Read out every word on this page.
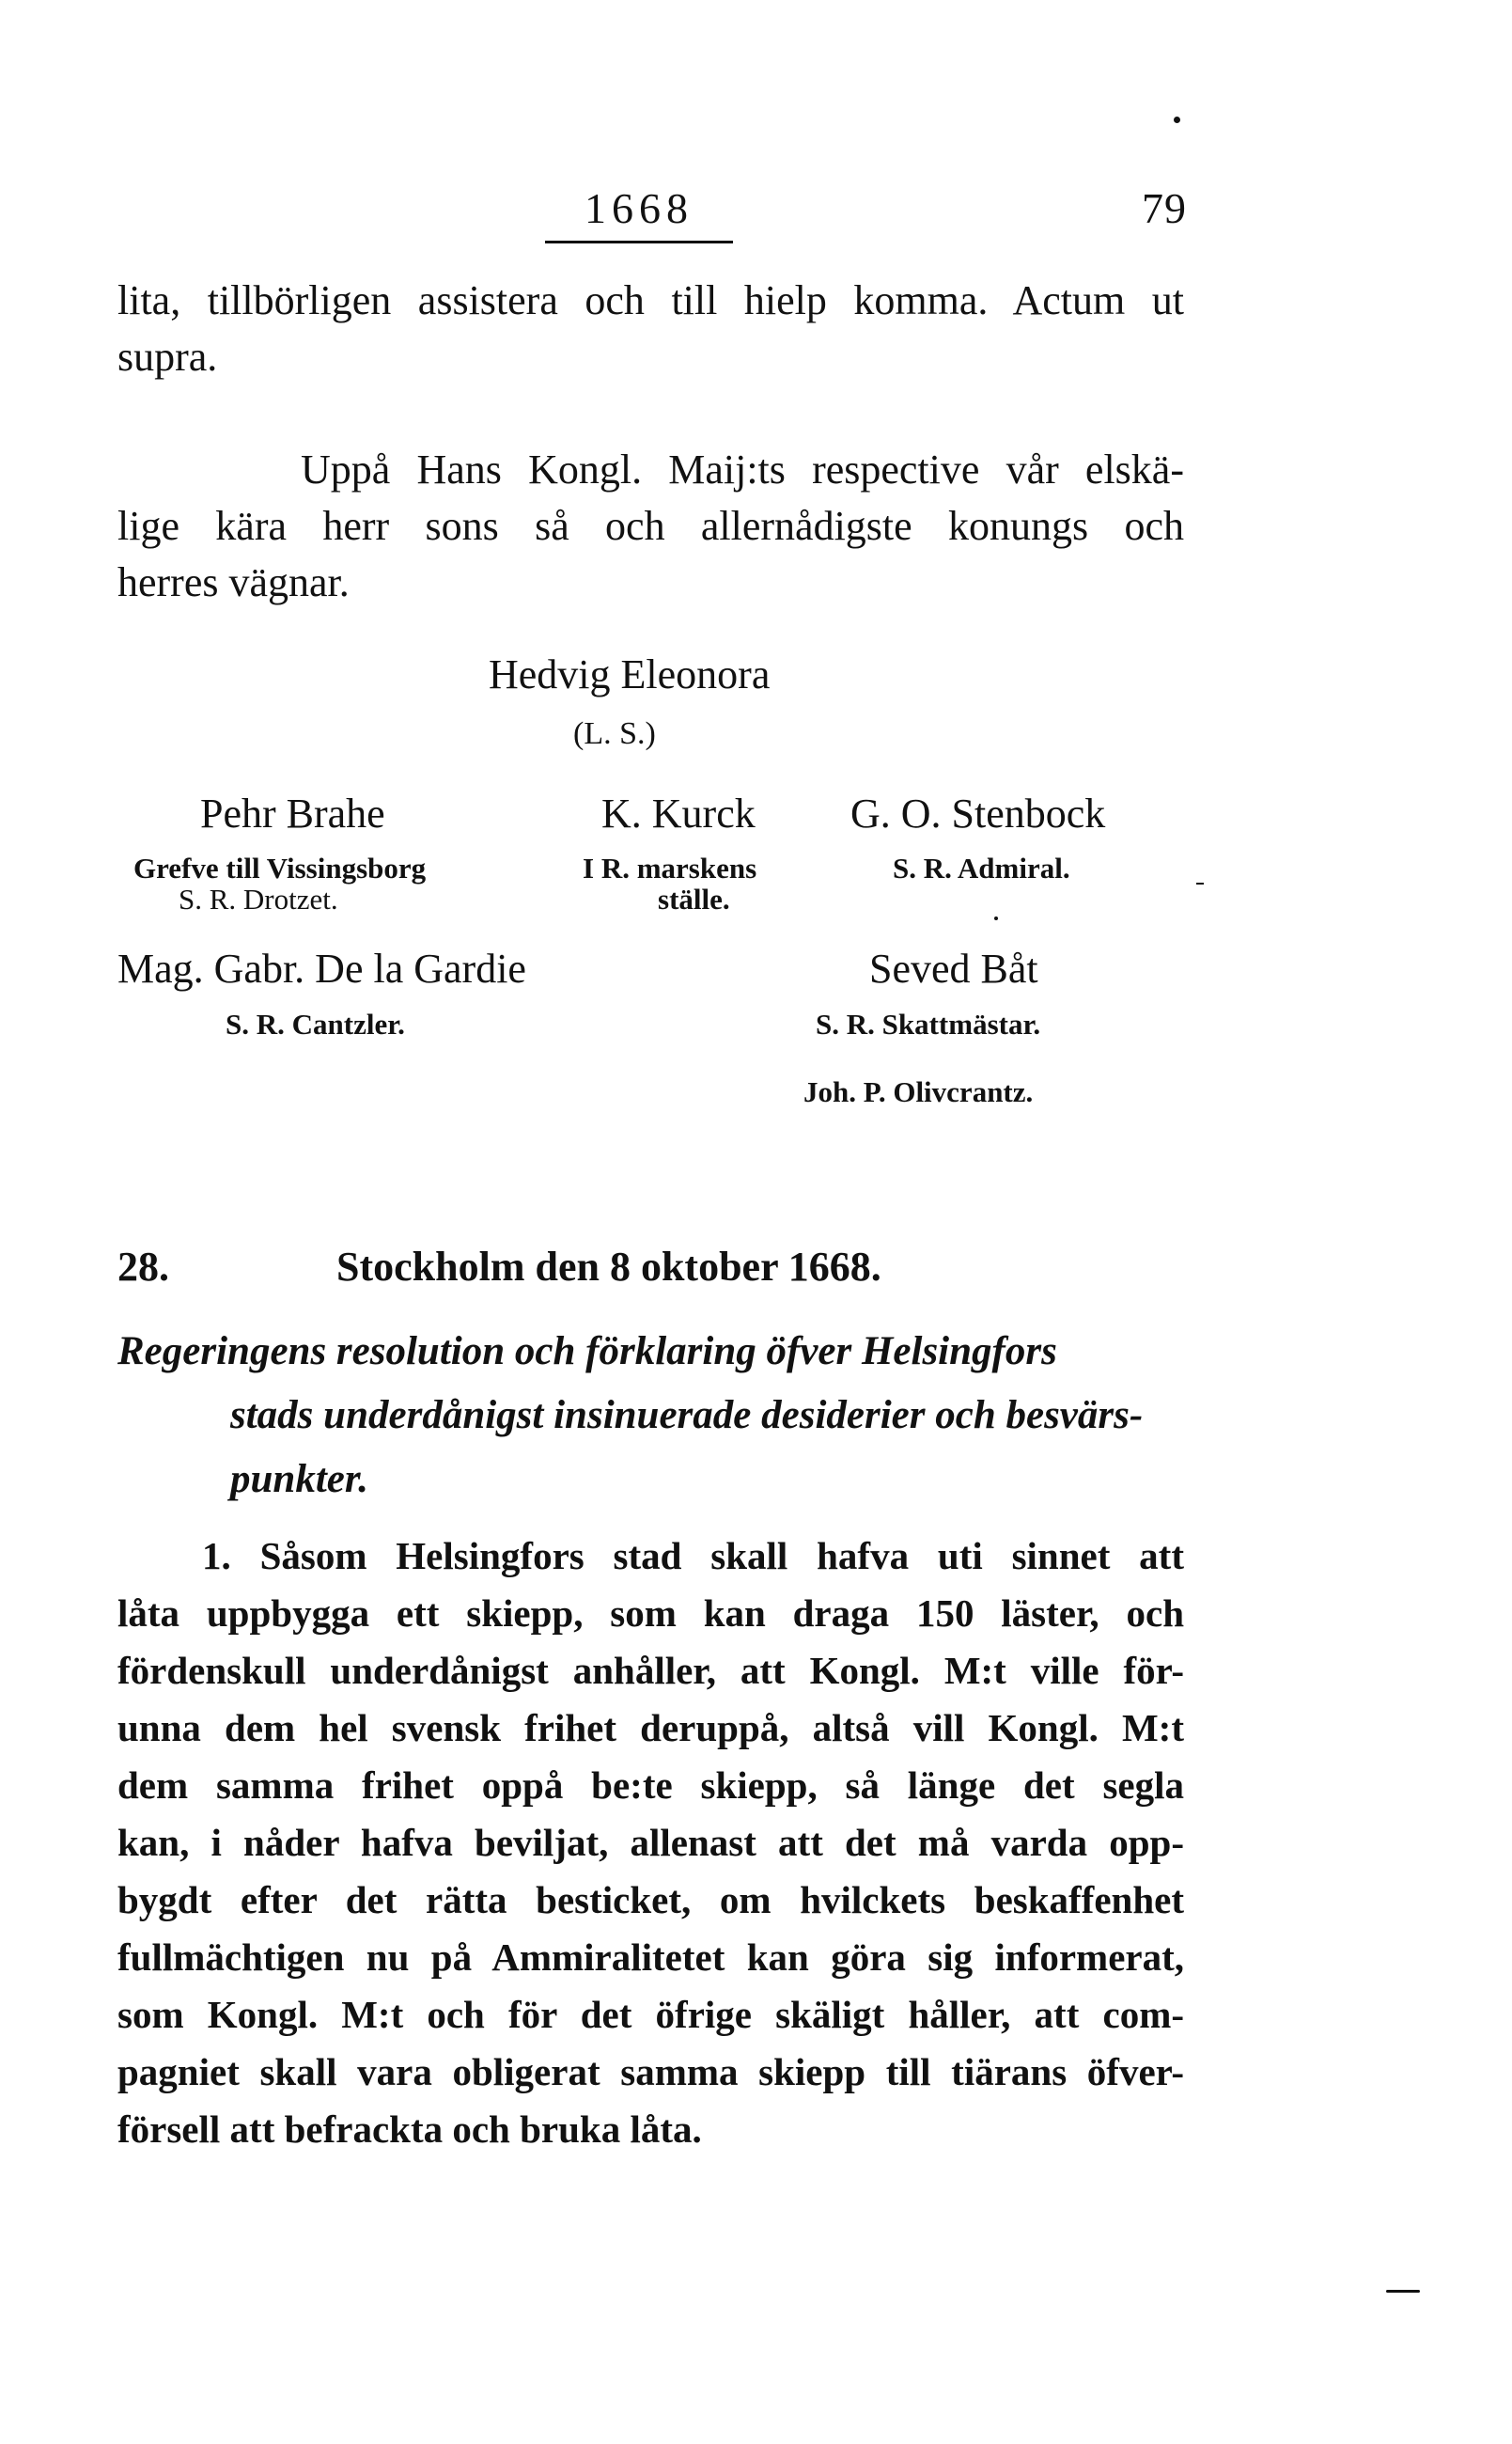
1668	79
lita, tillbörligen assistera och till hielp komma. Actum ut
supra.
Uppå Hans Kongl. Maij:ts respective vår elskä-
lige kära herr sons så och allernådigste konungs och
herres vägnar.
Hedvig Eleonora
(L. S.)
Pehr Brahe
Grefve till Vissingsborg
S. R. Drotzet.
K. Kurck
I R. marskens
ställe.
G. O. Stenbock
S. R. Admiral.
Mag. Gabr. De la Gardie
S. R. Cantzler.
Seved Båt
S. R. Skattmästar.
Joh. P. Olivcrantz.
28.	Stockholm den 8 oktober 1668.
Regeringens resolution och förklaring öfver Helsingfors
stads underdånigst insinuerade desiderier och besvärs-
punkter.
1. Såsom Helsingfors stad skall hafva uti sinnet att
låta uppbygga ett skiepp, som kan draga 150 läster, och
fördenskull underdånigst anhåller, att Kongl. M:t ville för-
unna dem hel svensk frihet deruppå, altså vill Kongl. M:t
dem samma frihet oppå be:te skiepp, så länge det segla
kan, i nåder hafva beviljat, allenast att det må varda opp-
bygdt efter det rätta besticket, om hvilckets beskaffenhet
fullmächtigen nu på Ammiralitetet kan göra sig informerat,
som Kongl. M:t och för det öfrige skäligt håller, att com-
pagniet skall vara obligerat samma skiepp till tiärans öfver-
försell att befrackta och bruka låta.
